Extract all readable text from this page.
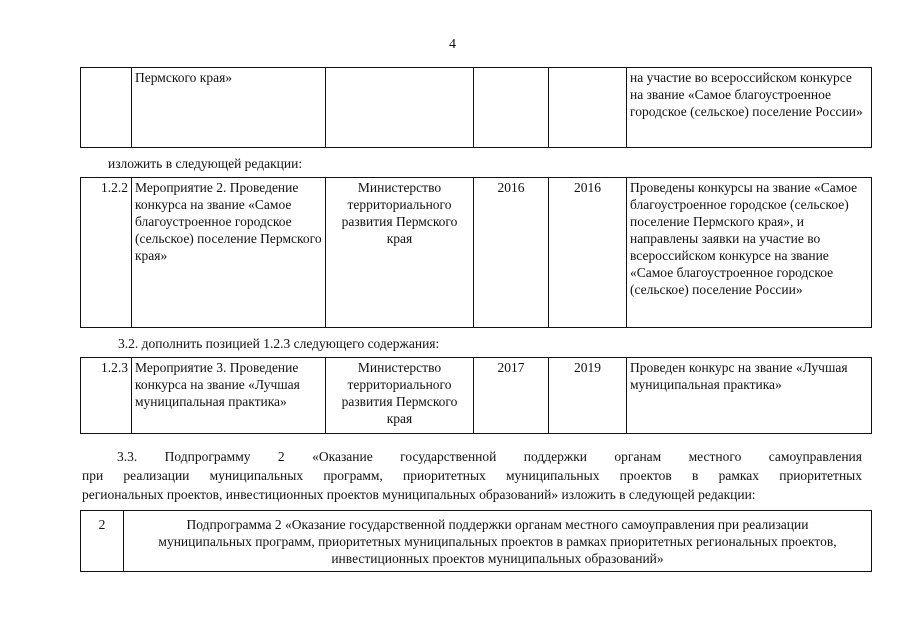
4
	Пермского края»				на участие во всероссийском конкурсе на звание «Самое благоустроенное городское (сельское) поселение России»

изложить в следующей редакции:

1.2.2	Мероприятие 2. Проведение конкурса на звание «Самое благоустроенное городское (сельское) поселение Пермского края»	Министерство территориального развития Пермского края	2016	2016	Проведены конкурсы на звание «Самое благоустроенное городское (сельское) поселение Пермского края», и направлены заявки на участие во всероссийском конкурсе на звание «Самое благоустроенное городское (сельское) поселение России»

3.2. дополнить позицией 1.2.3 следующего содержания:

1.2.3	Мероприятие 3. Проведение конкурса на звание «Лучшая муниципальная практика»	Министерство территориального развития Пермского края	2017	2019	Проведен конкурс на звание «Лучшая муниципальная практика»

3.3. Подпрограмму 2 «Оказание государственной поддержки органам местного самоуправления

при реализации муниципальных программ, приоритетных муниципальных проектов в рамках приоритетных

региональных проектов, инвестиционных проектов муниципальных образований» изложить в следующей редакции:

2	Подпрограмма 2 «Оказание государственной поддержки органам местного самоуправления при реализации муниципальных программ, приоритетных муниципальных проектов в рамках приоритетных региональных проектов, инвестиционных проектов муниципальных образований»
